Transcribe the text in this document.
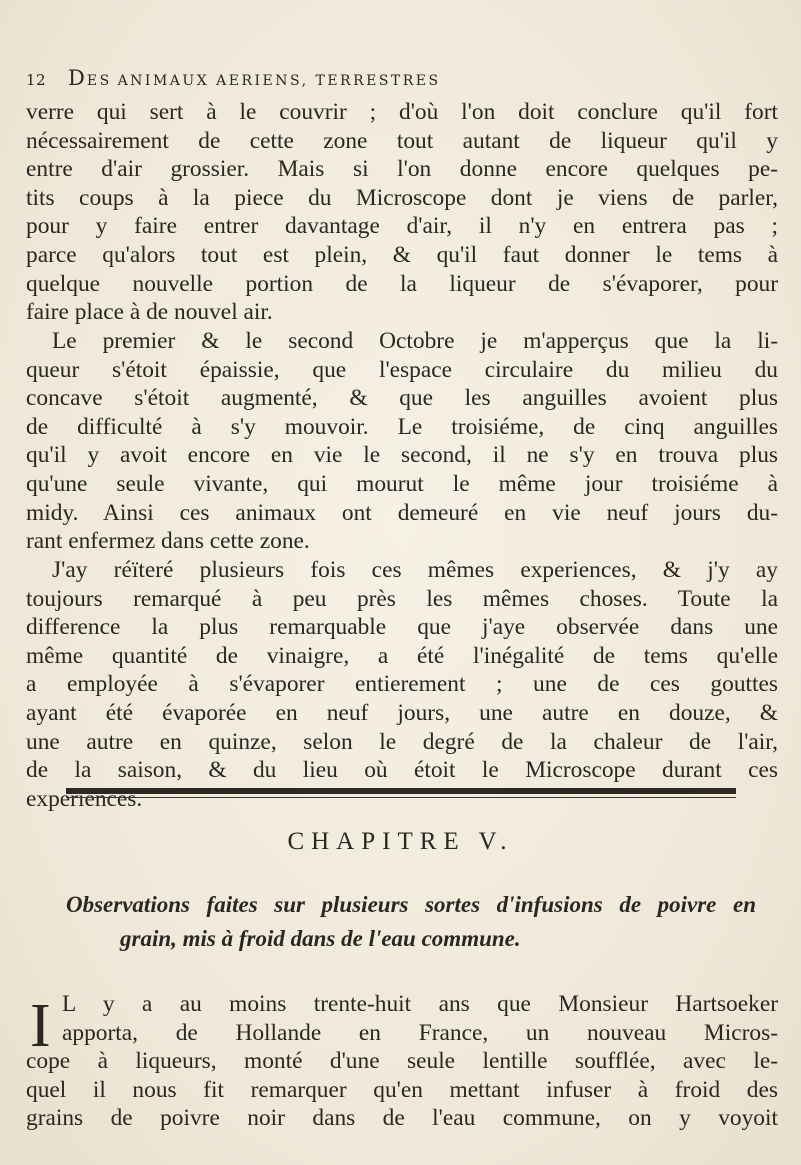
12 DES ANIMAUX AERIENS, TERRESTRES
verre qui sert à le couvrir ; d'où l'on doit conclure qu'il fort
nécessairement de cette zone tout autant de liqueur qu'il y
entre d'air grossier. Mais si l'on donne encore quelques pe-
tits coups à la piece du Microscope dont je viens de parler,
pour y faire entrer davantage d'air, il n'y en entrera pas ;
parce qu'alors tout est plein, & qu'il faut donner le tems à
quelque nouvelle portion de la liqueur de s'évaporer, pour
faire place à de nouvel air.
Le premier & le second Octobre je m'apperçus que la li-
queur s'étoit épaissie, que l'espace circulaire du milieu du
concave s'étoit augmenté, & que les anguilles avoient plus
de difficulté à s'y mouvoir. Le troisiéme, de cinq anguilles
qu'il y avoit encore en vie le second, il ne s'y en trouva plus
qu'une seule vivante, qui mourut le même jour troisiéme à
midy. Ainsi ces animaux ont demeuré en vie neuf jours du-
rant enfermez dans cette zone.
J'ay réïteré plusieurs fois ces mêmes experiences, & j'y ay
toujours remarqué à peu près les mêmes choses. Toute la
difference la plus remarquable que j'aye observée dans une
même quantité de vinaigre, a été l'inégalité de tems qu'elle
a employée à s'évaporer entierement ; une de ces gouttes
ayant été évaporée en neuf jours, une autre en douze, &
une autre en quinze, selon le degré de la chaleur de l'air,
de la saison, & du lieu où étoit le Microscope durant ces
experiences.
CHAPITRE V.
Observations faites sur plusieurs sortes d'infusions de poivre en
grain, mis à froid dans de l'eau commune.
I L y a au moins trente-huit ans que Monsieur Hartsoeker
apporta, de Hollande en France, un nouveau Micros-
cope à liqueurs, monté d'une seule lentille soufflée, avec le-
quel il nous fit remarquer qu'en mettant infuser à froid des
grains de poivre noir dans de l'eau commune, on y voyoit
